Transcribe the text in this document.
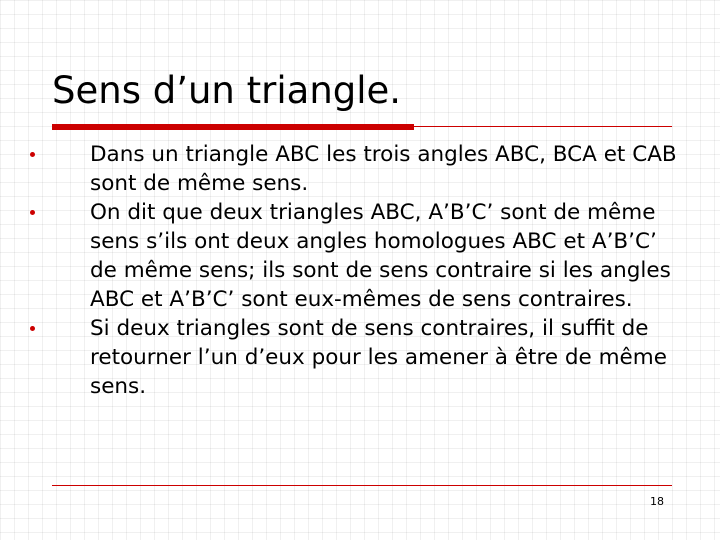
Sens d’un triangle.
Dans un triangle ABC les trois angles ABC, BCA et CAB sont de même sens.
On dit que deux triangles ABC, A’B’C’ sont de même sens s’ils ont deux angles homologues ABC et A’B’C’ de même sens; ils sont de sens contraire si les angles ABC et A’B’C’ sont eux-mêmes de sens contraires.
Si deux triangles sont de sens contraires, il suffit de retourner l’un d’eux pour les amener à être de même sens.
18
